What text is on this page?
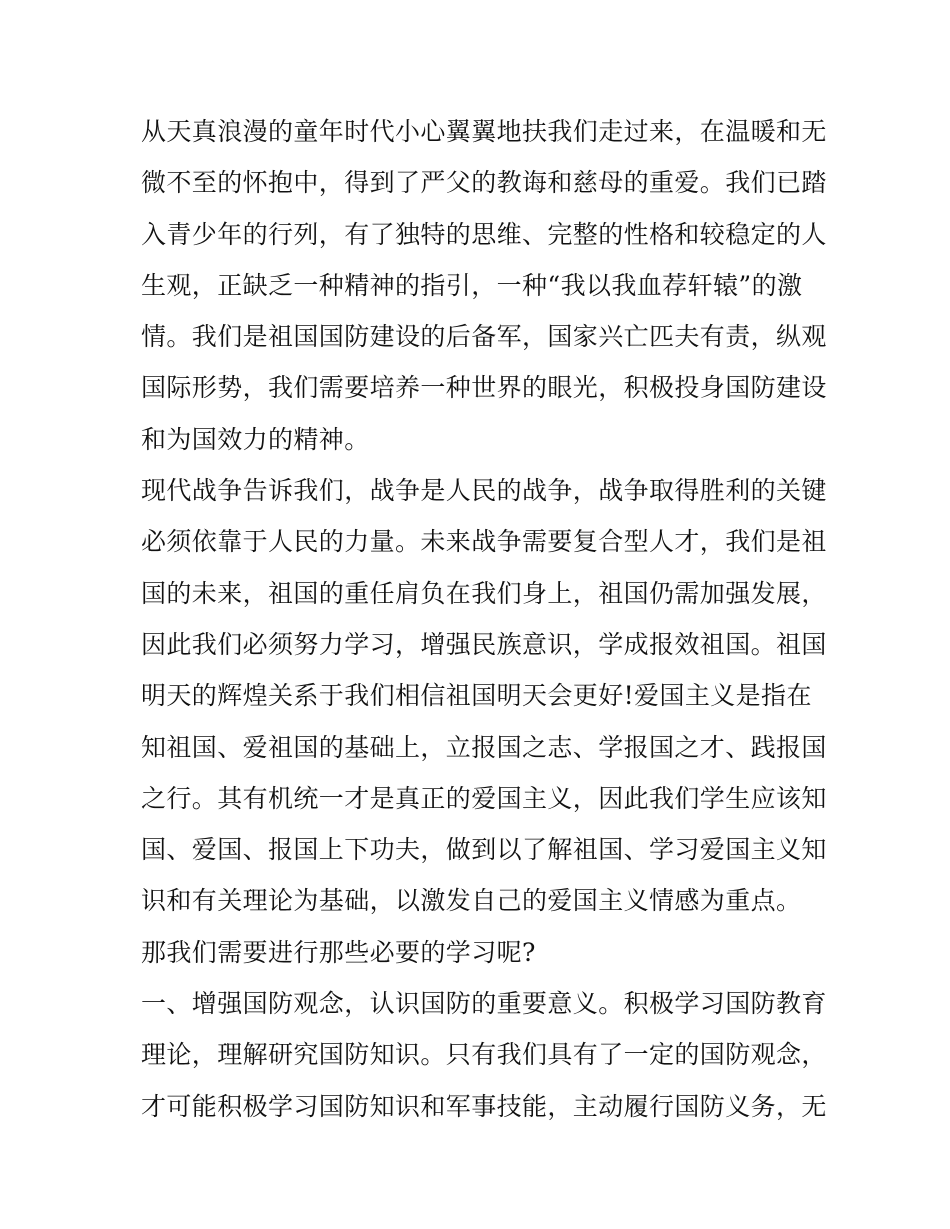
从天真浪漫的童年时代小心翼翼地扶我们走过来，在温暖和无
微不至的怀抱中，得到了严父的教诲和慈母的重爱。我们已踏
入青少年的行列，有了独特的思维、完整的性格和较稳定的人
生观，正缺乏一种精神的指引，一种“我以我血荐轩辕”的激
情。我们是祖国国防建设的后备军，国家兴亡匹夫有责，纵观
国际形势，我们需要培养一种世界的眼光，积极投身国防建设
和为国效力的精神。
现代战争告诉我们，战争是人民的战争，战争取得胜利的关键
必须依靠于人民的力量。未来战争需要复合型人才，我们是祖
国的未来，祖国的重任肩负在我们身上，祖国仍需加强发展，
因此我们必须努力学习，增强民族意识，学成报效祖国。祖国
明天的辉煌关系于我们相信祖国明天会更好!爱国主义是指在
知祖国、爱祖国的基础上，立报国之志、学报国之才、践报国
之行。其有机统一才是真正的爱国主义，因此我们学生应该知
国、爱国、报国上下功夫，做到以了解祖国、学习爱国主义知
识和有关理论为基础，以激发自己的爱国主义情感为重点。
那我们需要进行那些必要的学习呢?
一、增强国防观念，认识国防的重要意义。积极学习国防教育
理论，理解研究国防知识。只有我们具有了一定的国防观念，
才可能积极学习国防知识和军事技能，主动履行国防义务，无
